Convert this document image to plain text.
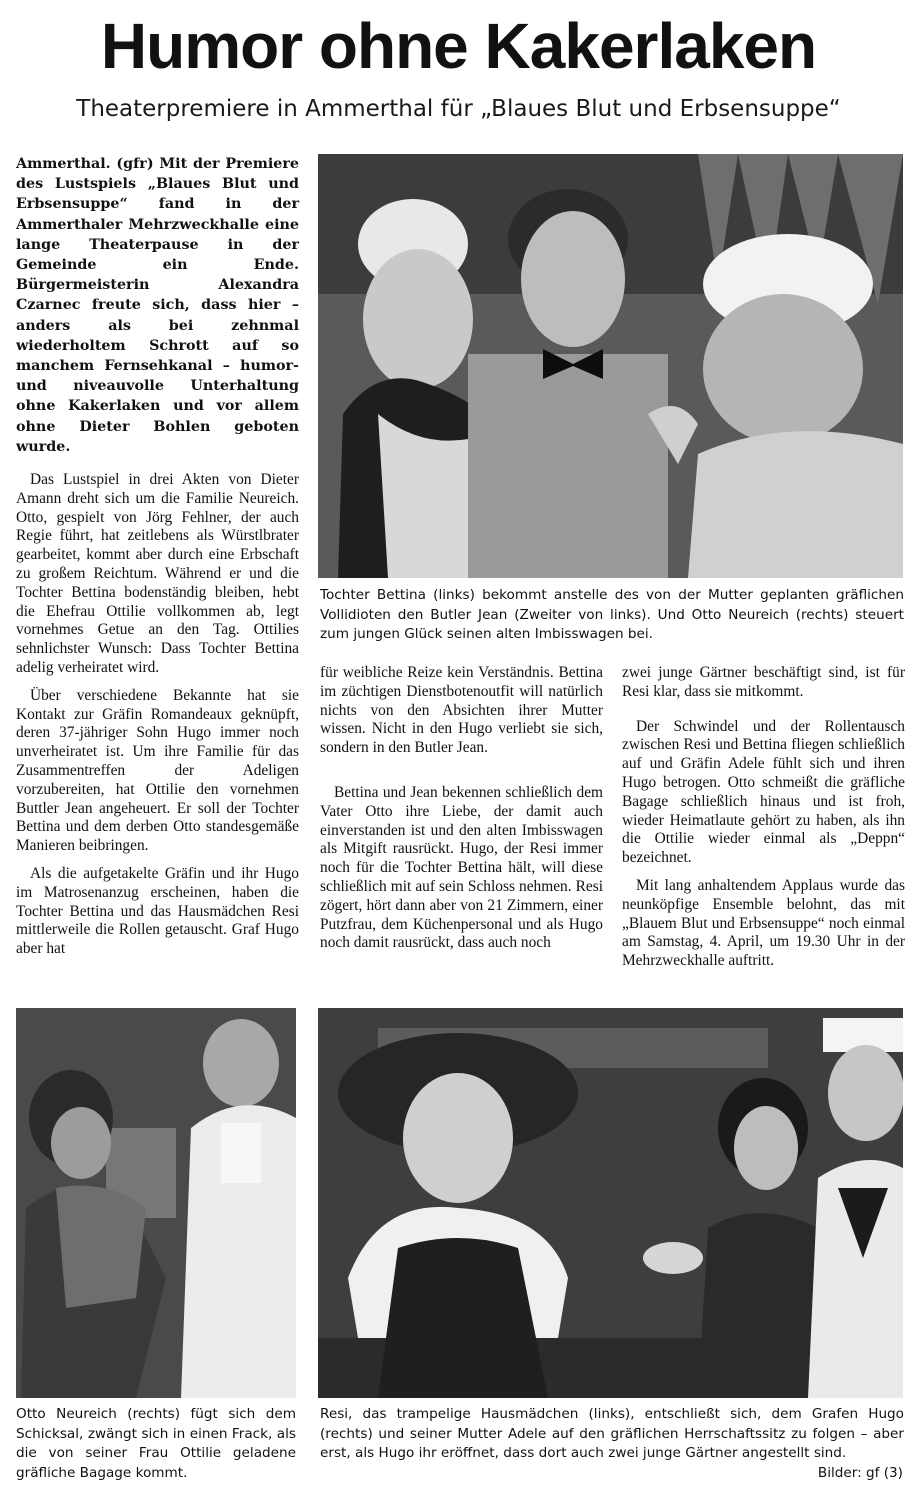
Humor ohne Kakerlaken
Theaterpremiere in Ammerthal für „Blaues Blut und Erbsensuppe“

Ammerthal. (gfr) Mit der Premiere des Lustspiels „Blaues Blut und Erbsensuppe“ fand in der Ammerthaler Mehrzweckhalle eine lange Theaterpause in der Gemeinde ein Ende. Bürgermeisterin Alexandra Czarnec freute sich, dass hier – anders als bei zehnmal wiederholtem Schrott auf so manchem Fernsehkanal – humor- und niveauvolle Unterhaltung ohne Kakerlaken und vor allem ohne Dieter Bohlen geboten wurde.

Das Lustspiel in drei Akten von Dieter Amann dreht sich um die Familie Neureich. Otto, gespielt von Jörg Fehlner, der auch Regie führt, hat zeitlebens als Würstlbrater gearbeitet, kommt aber durch eine Erbschaft zu großem Reichtum. Während er und die Tochter Bettina bodenständig bleiben, hebt die Ehefrau Ottilie vollkommen ab, legt vornehmes Getue an den Tag. Ottilies sehnlichster Wunsch: Dass Tochter Bettina adelig verheiratet wird.

Über verschiedene Bekannte hat sie Kontakt zur Gräfin Romandeaux geknüpft, deren 37-jähriger Sohn Hugo immer noch unverheiratet ist. Um ihre Familie für das Zusammentreffen der Adeligen vorzubereiten, hat Ottilie den vornehmen Buttler Jean angeheuert. Er soll der Tochter Bettina und dem derben Otto standesgemäße Manieren beibringen.

Als die aufgetakelte Gräfin und ihr Hugo im Matrosenanzug erscheinen, haben die Tochter Bettina und das Hausmädchen Resi mittlerweile die Rollen getauscht. Graf Hugo aber hat

Tochter Bettina (links) bekommt anstelle des von der Mutter geplanten gräflichen Vollidioten den Butler Jean (Zweiter von links). Und Otto Neureich (rechts) steuert zum jungen Glück seinen alten Imbisswagen bei.

für weibliche Reize kein Verständnis. Bettina im züchtigen Dienstbotenoutfit will natürlich nichts von den Absichten ihrer Mutter wissen. Nicht in den Hugo verliebt sie sich, sondern in den Butler Jean.

Bettina und Jean bekennen schließlich dem Vater Otto ihre Liebe, der damit auch einverstanden ist und den alten Imbisswagen als Mitgift rausrückt. Hugo, der Resi immer noch für die Tochter Bettina hält, will diese schließlich mit auf sein Schloss nehmen. Resi zögert, hört dann aber von 21 Zimmern, einer Putzfrau, dem Küchenpersonal und als Hugo noch damit rausrückt, dass auch noch

zwei junge Gärtner beschäftigt sind, ist für Resi klar, dass sie mitkommt.

Der Schwindel und der Rollentausch zwischen Resi und Bettina fliegen schließlich auf und Gräfin Adele fühlt sich und ihren Hugo betrogen. Otto schmeißt die gräfliche Bagage schließlich hinaus und ist froh, wieder Heimatlaute gehört zu haben, als ihn die Ottilie wieder einmal als „Deppn“ bezeichnet.

Mit lang anhaltendem Applaus wurde das neunköpfige Ensemble belohnt, das mit „Blauem Blut und Erbsensuppe“ noch einmal am Samstag, 4. April, um 19.30 Uhr in der Mehrzweckhalle auftritt.

Otto Neureich (rechts) fügt sich dem Schicksal, zwängt sich in einen Frack, als die von seiner Frau Ottilie geladene gräfliche Bagage kommt.
Resi, das trampelige Hausmädchen (links), entschließt sich, dem Grafen Hugo (rechts) und seiner Mutter Adele auf den gräflichen Herrschaftssitz zu folgen – aber erst, als Hugo ihr eröffnet, dass dort auch zwei junge Gärtner angestellt sind.
Bilder: gf (3)
